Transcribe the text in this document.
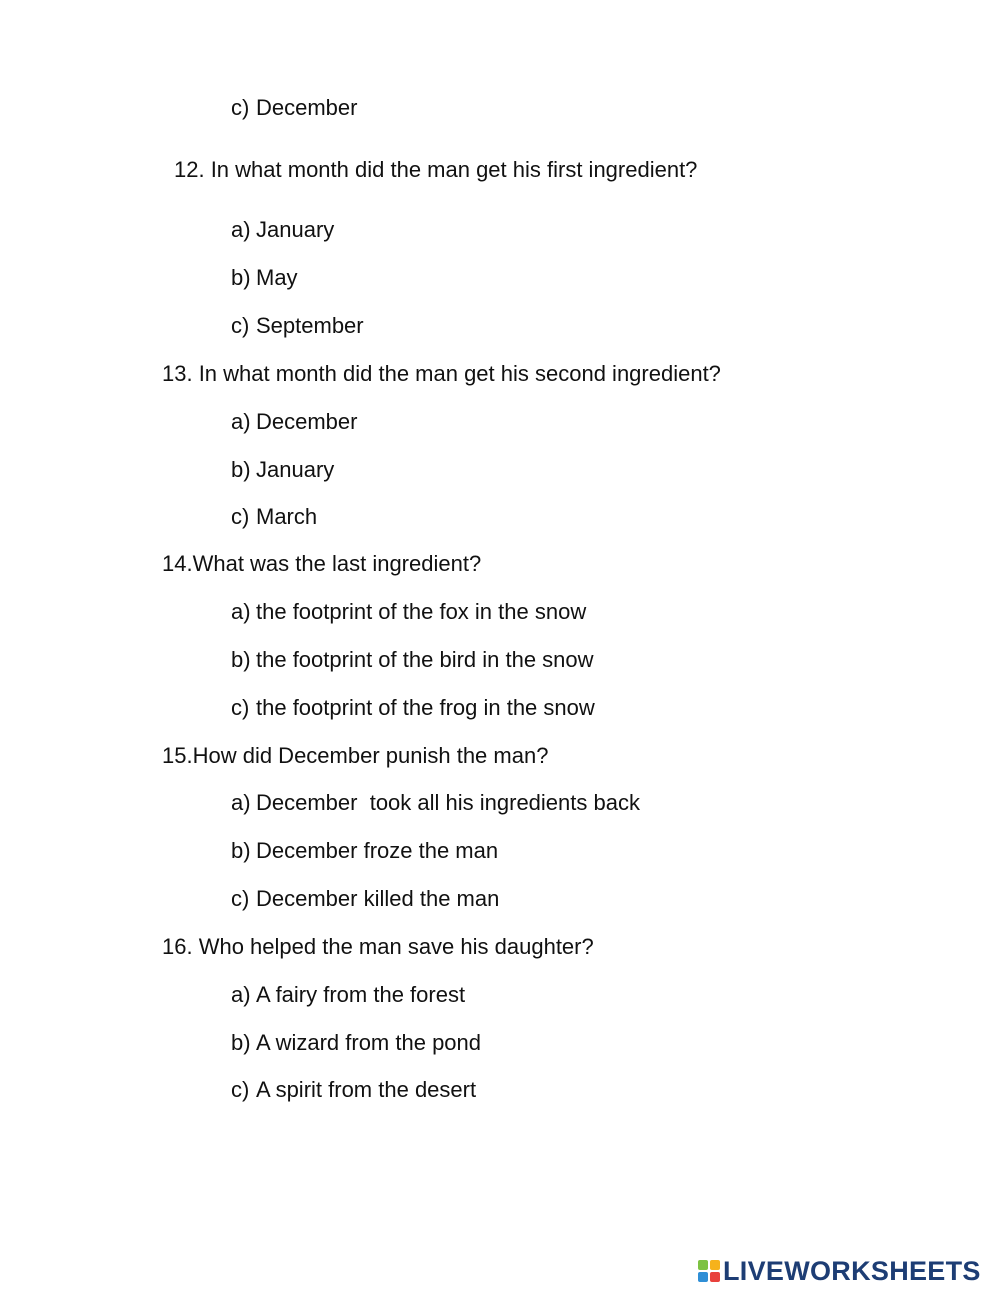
c) December
12. In what month did the man get his first ingredient?
a) January
b) May
c) September
13. In what month did the man get his second ingredient?
a) December
b) January
c) March
14.What was the last ingredient?
a) the footprint of the fox in the snow
b) the footprint of the bird in the snow
c) the footprint of the frog in the snow
15.How did December punish the man?
a) December  took all his ingredients back
b) December froze the man
c) December killed the man
16. Who helped the man save his daughter?
a) A fairy from the forest
b) A wizard from the pond
c) A spirit from the desert
LIVEWORKSHEETS
